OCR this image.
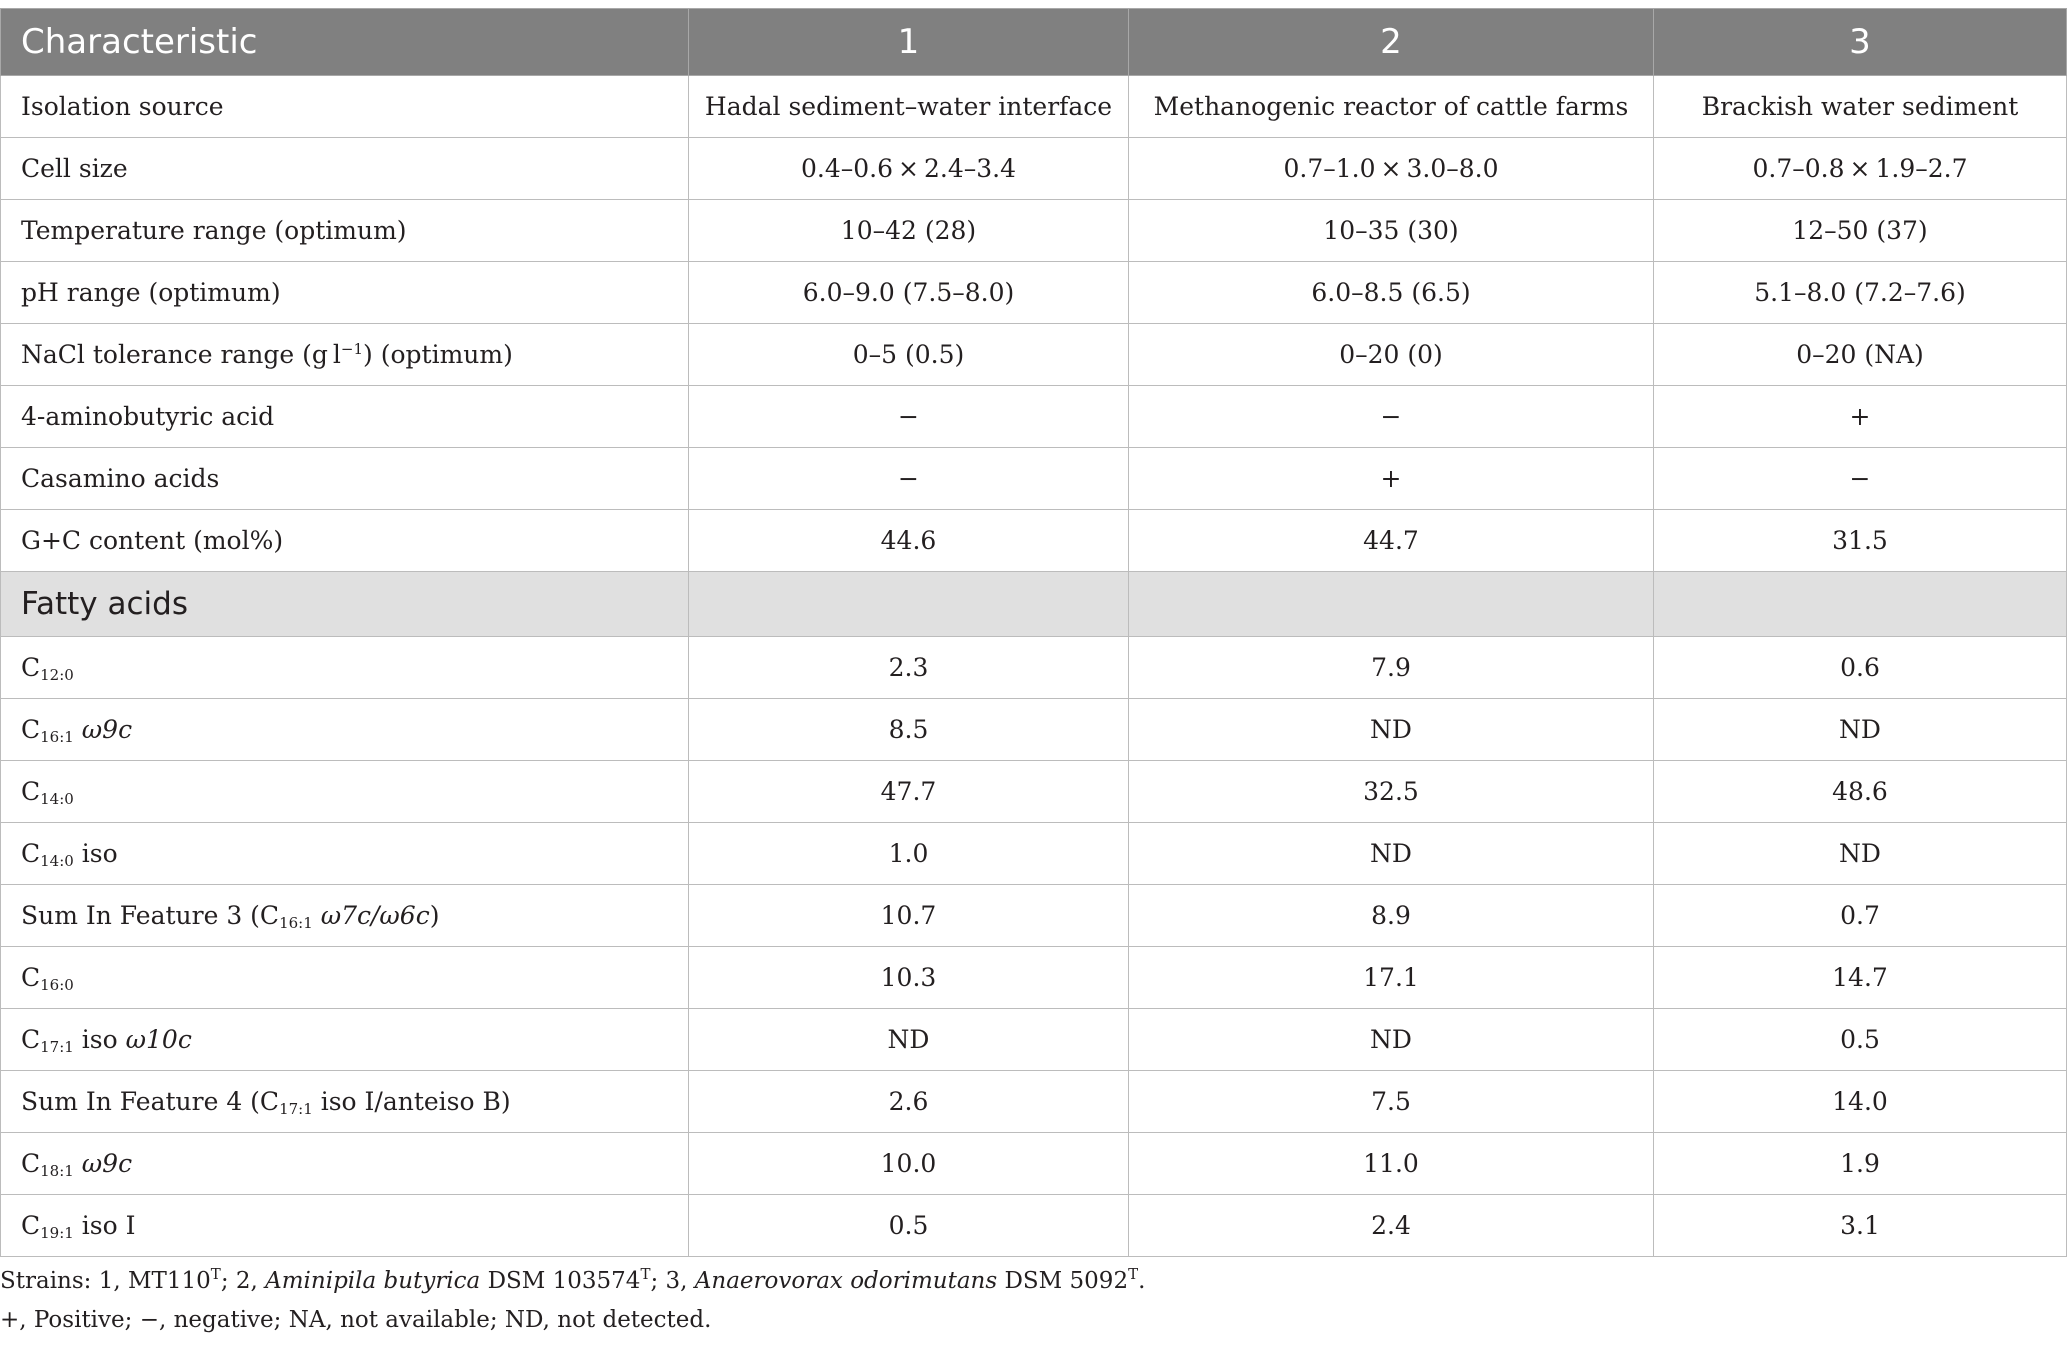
Characteristic	1	2	3
Isolation source	Hadal sediment–water interface	Methanogenic reactor of cattle farms	Brackish water sediment
Cell size	0.4–0.6 × 2.4–3.4	0.7–1.0 × 3.0–8.0	0.7–0.8 × 1.9–2.7
Temperature range (optimum)	10–42 (28)	10–35 (30)	12–50 (37)
pH range (optimum)	6.0–9.0 (7.5–8.0)	6.0–8.5 (6.5)	5.1–8.0 (7.2–7.6)
NaCl tolerance range (g $l^{-1}$) (optimum)	0–5 (0.5)	0–20 (0)	0–20 (NA)
4-aminobutyric acid	−	−	+
Casamino acids	−	+	−
G+C content (mol%)	44.6	44.7	31.5
Fatty acids			
$C_{12:0}$	2.3	7.9	0.6
$C_{16:1}$ ω9c	8.5	ND	ND
$C_{14:0}$	47.7	32.5	48.6
$C_{14:0}$ iso	1.0	ND	ND
Sum In Feature 3 ($C_{16:1}$ ω7c/ω6c)	10.7	8.9	0.7
$C_{16:0}$	10.3	17.1	14.7
$C_{17:1}$ iso ω10c	ND	ND	0.5
Sum In Feature 4 ($C_{17:1}$ iso I/anteiso B)	2.6	7.5	14.0
$C_{18:1}$ ω9c	10.0	11.0	1.9
$C_{19:1}$ iso I	0.5	2.4	3.1

Strains: 1, $MT110^T$; 2, Aminipila butyrica DSM $103574^T$; 3, Anaerovorax odorimutans DSM $5092^T$.

+, Positive; −, negative; NA, not available; ND, not detected.
